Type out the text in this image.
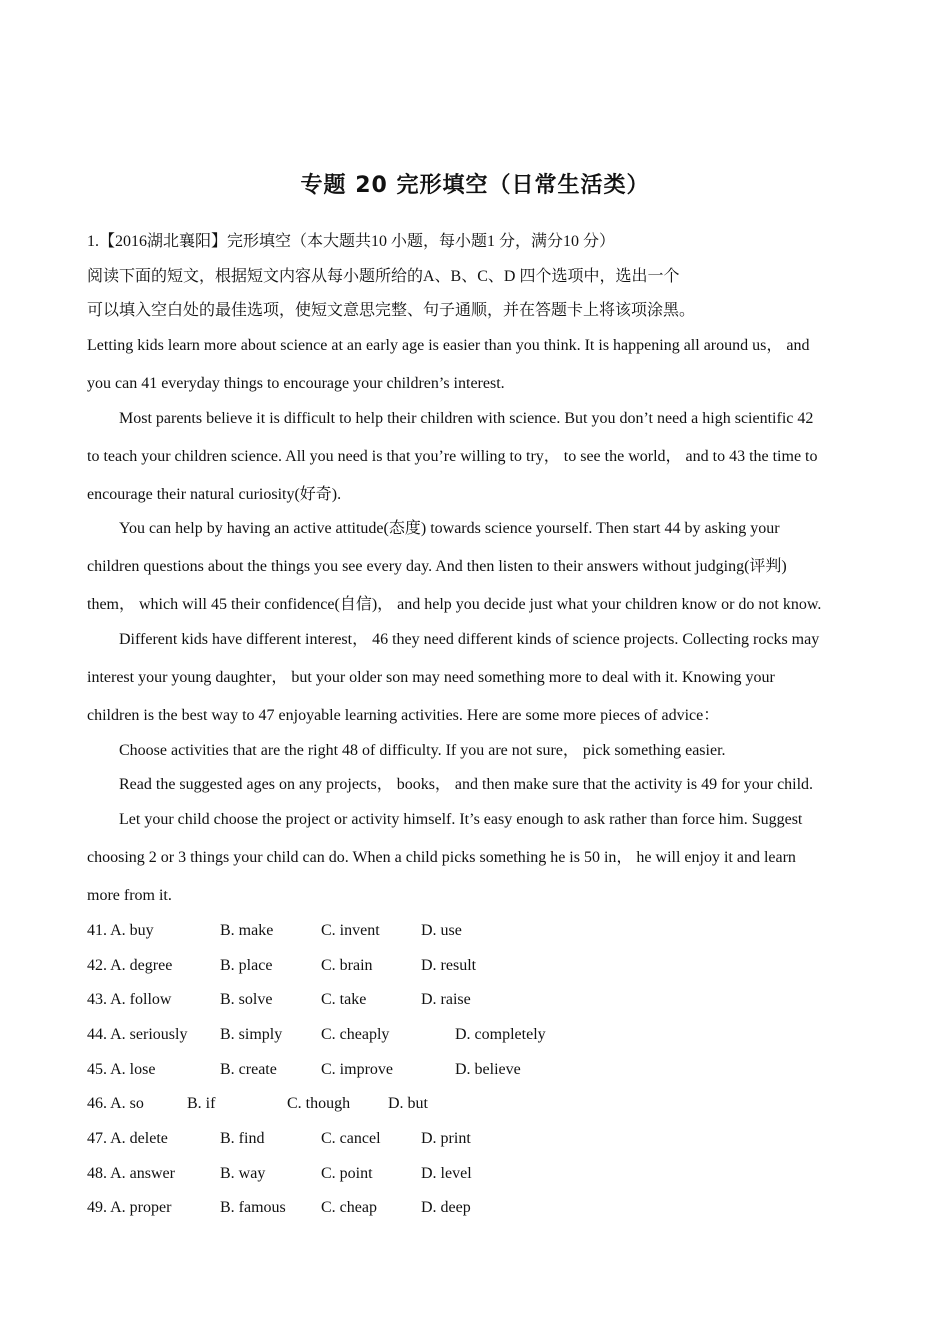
专题 20 完形填空（日常生活类）
1.【2016湖北襄阳】完形填空（本大题共10 小题，每小题1 分，满分10 分）
阅读下面的短文，根据短文内容从每小题所给的A、B、C、D 四个选项中，选出一个
可以填入空白处的最佳选项，使短文意思完整、句子通顺，并在答题卡上将该项涂黑。
Letting kids learn more about science at an early age is easier than you think. It is happening all around us， and
you can 41 everyday things to encourage your children’s interest.
Most parents believe it is difficult to help their children with science. But you don’t need a high scientific 42
to teach your children science. All you need is that you’re willing to try， to see the world， and to 43 the time to
encourage their natural curiosity(好奇).
You can help by having an active attitude(态度) towards science yourself. Then start 44 by asking your
children questions about the things you see every day. And then listen to their answers without judging(评判)
them， which will 45 their confidence(自信)， and help you decide just what your children know or do not know.
Different kids have different interest， 46 they need different kinds of science projects. Collecting rocks may
interest your young daughter， but your older son may need something more to deal with it. Knowing your
children is the best way to 47 enjoyable learning activities. Here are some more pieces of advice：
Choose activities that are the right 48 of difficulty. If you are not sure， pick something easier.
Read the suggested ages on any projects， books， and then make sure that the activity is 49 for your child.
Let your child choose the project or activity himself. It’s easy enough to ask rather than force him. Suggest
choosing 2 or 3 things your child can do. When a child picks something he is 50 in， he will enjoy it and learn
more from it.
41. A. buy	B. make	C. invent	D. use
42. A. degree	B. place	C. brain	D. result
43. A. follow	B. solve	C. take	D. raise
44. A. seriously B. simply C. cheaply	D. completely
45. A. lose	B. create	C. improve	D. believe
46. A. so	B. if	C. though D. but
47. A. delete	B. find	C. cancel	D. print
48. A. answer	B. way	C. point	D. level
49. A. proper	B. famous C. cheap	D. deep
